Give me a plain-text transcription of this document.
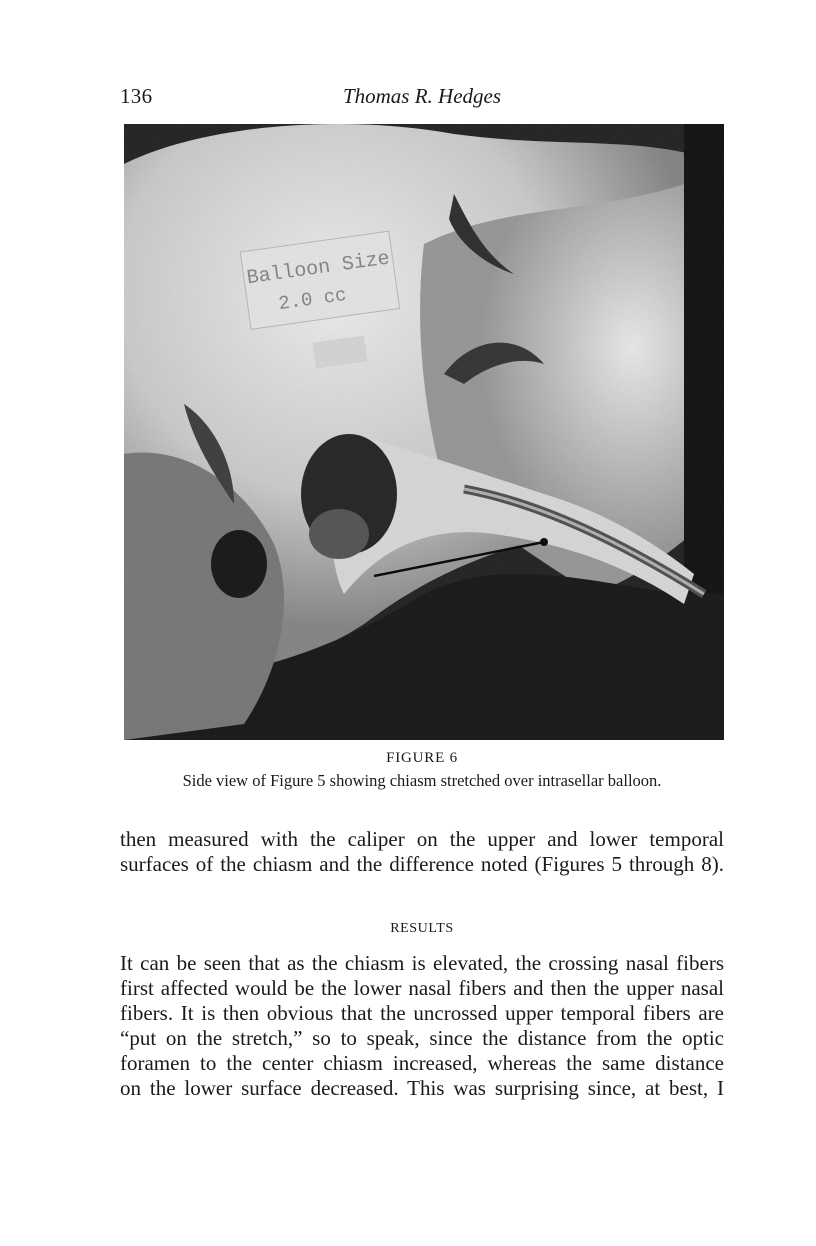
136	Thomas R. Hedges
Balloon Size
2.0 cc
FIGURE 6
Side view of Figure 5 showing chiasm stretched over intrasellar balloon.
then measured with the caliper on the upper and lower temporal surfaces of the chiasm and the difference noted (Figures 5 through 8).
RESULTS
It can be seen that as the chiasm is elevated, the crossing nasal fibers
first affected would be the lower nasal fibers and then the upper nasal
fibers. It is then obvious that the uncrossed upper temporal fibers are
“put on the stretch,” so to speak, since the distance from the optic
foramen to the center chiasm increased, whereas the same distance
on the lower surface decreased. This was surprising since, at best, I
